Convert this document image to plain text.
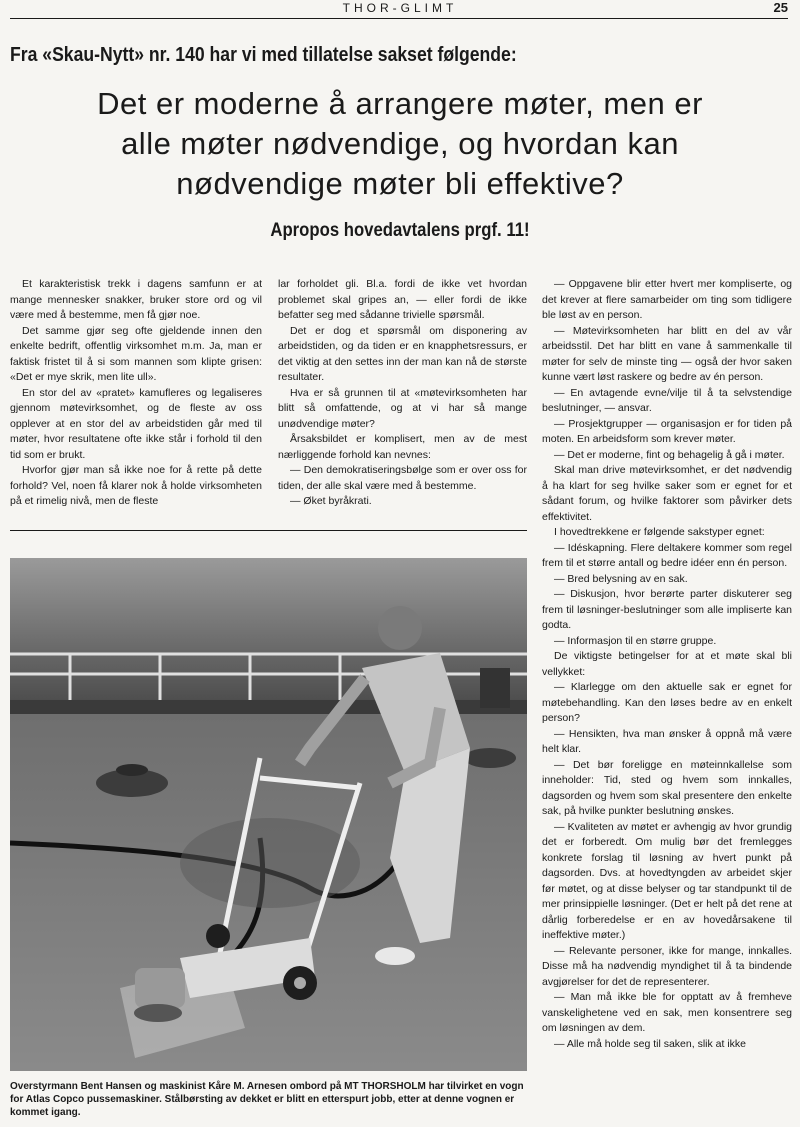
THOR-GLIMT	25
Fra «Skau-Nytt» nr. 140 har vi med tillatelse sakset følgende:
Det er moderne å arrangere møter, men er
alle møter nødvendige, og hvordan kan
nødvendige møter bli effektive?
Apropos hovedavtalens prgf. 11!

Et karakteristisk trekk i dagens samfunn er at mange mennesker snakker, bruker store ord og vil være med å bestemme, men få gjør noe.

Det samme gjør seg ofte gjeldende innen den enkelte bedrift, offentlig virksomhet m.m. Ja, man er faktisk fristet til å si som mannen som klipte grisen: «Det er mye skrik, men lite ull».

En stor del av «pratet» kamufleres og legaliseres gjennom møtevirksomhet, og de fleste av oss opplever at en stor del av arbeidstiden går med til møter, hvor resultatene ofte ikke står i forhold til den tid som er brukt.

Hvorfor gjør man så ikke noe for å rette på dette forhold? Vel, noen få klarer nok å holde virksomheten på et rimelig nivå, men de fleste

lar forholdet gli. Bl.a. fordi de ikke vet hvordan problemet skal gripes an, — eller fordi de ikke befatter seg med sådanne trivielle spørsmål.

Det er dog et spørsmål om disponering av arbeidstiden, og da tiden er en knapphetsressurs, er det viktig at den settes inn der man kan nå de største resultater.

Hva er så grunnen til at «møtevirksomheten har blitt så omfattende, og at vi har så mange unødvendige møter?

Årsaksbildet er komplisert, men av de mest nærliggende forhold kan nevnes:

— Den demokratiseringsbølge som er over oss for tiden, der alle skal være med å bestemme.

— Øket byråkrati.

— Oppgavene blir etter hvert mer kompliserte, og det krever at flere samarbeider om ting som tidligere ble løst av en person.

— Møtevirksomheten har blitt en del av vår arbeidsstil. Det har blitt en vane å sammenkalle til møter for selv de minste ting — også der hvor saken kunne vært løst raskere og bedre av én person.

— En avtagende evne/vilje til å ta selvstendige beslutninger, — ansvar.

— Prosjektgrupper — organisasjon er for tiden på moten. En arbeidsform som krever møter.

— Det er moderne, fint og behagelig å gå i møter.

Skal man drive møtevirksomhet, er det nødvendig å ha klart for seg hvilke saker som er egnet for et sådant forum, og hvilke faktorer som påvirker dets effektivitet.

I hovedtrekkene er følgende sakstyper egnet:

— Idéskapning. Flere deltakere kommer som regel frem til et større antall og bedre idéer enn én person.

— Bred belysning av en sak.

— Diskusjon, hvor berørte parter diskuterer seg frem til løsninger-beslutninger som alle impliserte kan godta.

— Informasjon til en større gruppe.

De viktigste betingelser for at et møte skal bli vellykket:

— Klarlegge om den aktuelle sak er egnet for møtebehandling. Kan den løses bedre av en enkelt person?

— Hensikten, hva man ønsker å oppnå må være helt klar.

— Det bør foreligge en møteinnkallelse som inneholder: Tid, sted og hvem som innkalles, dagsorden og hvem som skal presentere den enkelte sak, på hvilke punkter beslutning ønskes.

— Kvaliteten av møtet er avhengig av hvor grundig det er forberedt. Om mulig bør det fremlegges konkrete forslag til løsning av hvert punkt på dagsorden. Dvs. at hovedtyngden av arbeidet skjer før møtet, og at disse belyser og tar standpunkt til de mer prinsippielle løsninger. (Det er helt på det rene at dårlig forberedelse er en av hovedårsakene til ineffektive møter.)

— Relevante personer, ikke for mange, innkalles. Disse må ha nødvendig myndighet til å ta bindende avgjørelser for det de representerer.

— Man må ikke ble for opptatt av å fremheve vanskelighetene ved en sak, men konsentrere seg om løsningen av dem.

— Alle må holde seg til saken, slik at ikke

Overstyrmann Bent Hansen og maskinist Kåre M. Arnesen ombord på MT THORSHOLM har tilvirket en vogn for Atlas Copco pussemaskiner. Stålbørsting av dekket er blitt en etterspurt jobb, etter at denne vognen er kommet igang.
